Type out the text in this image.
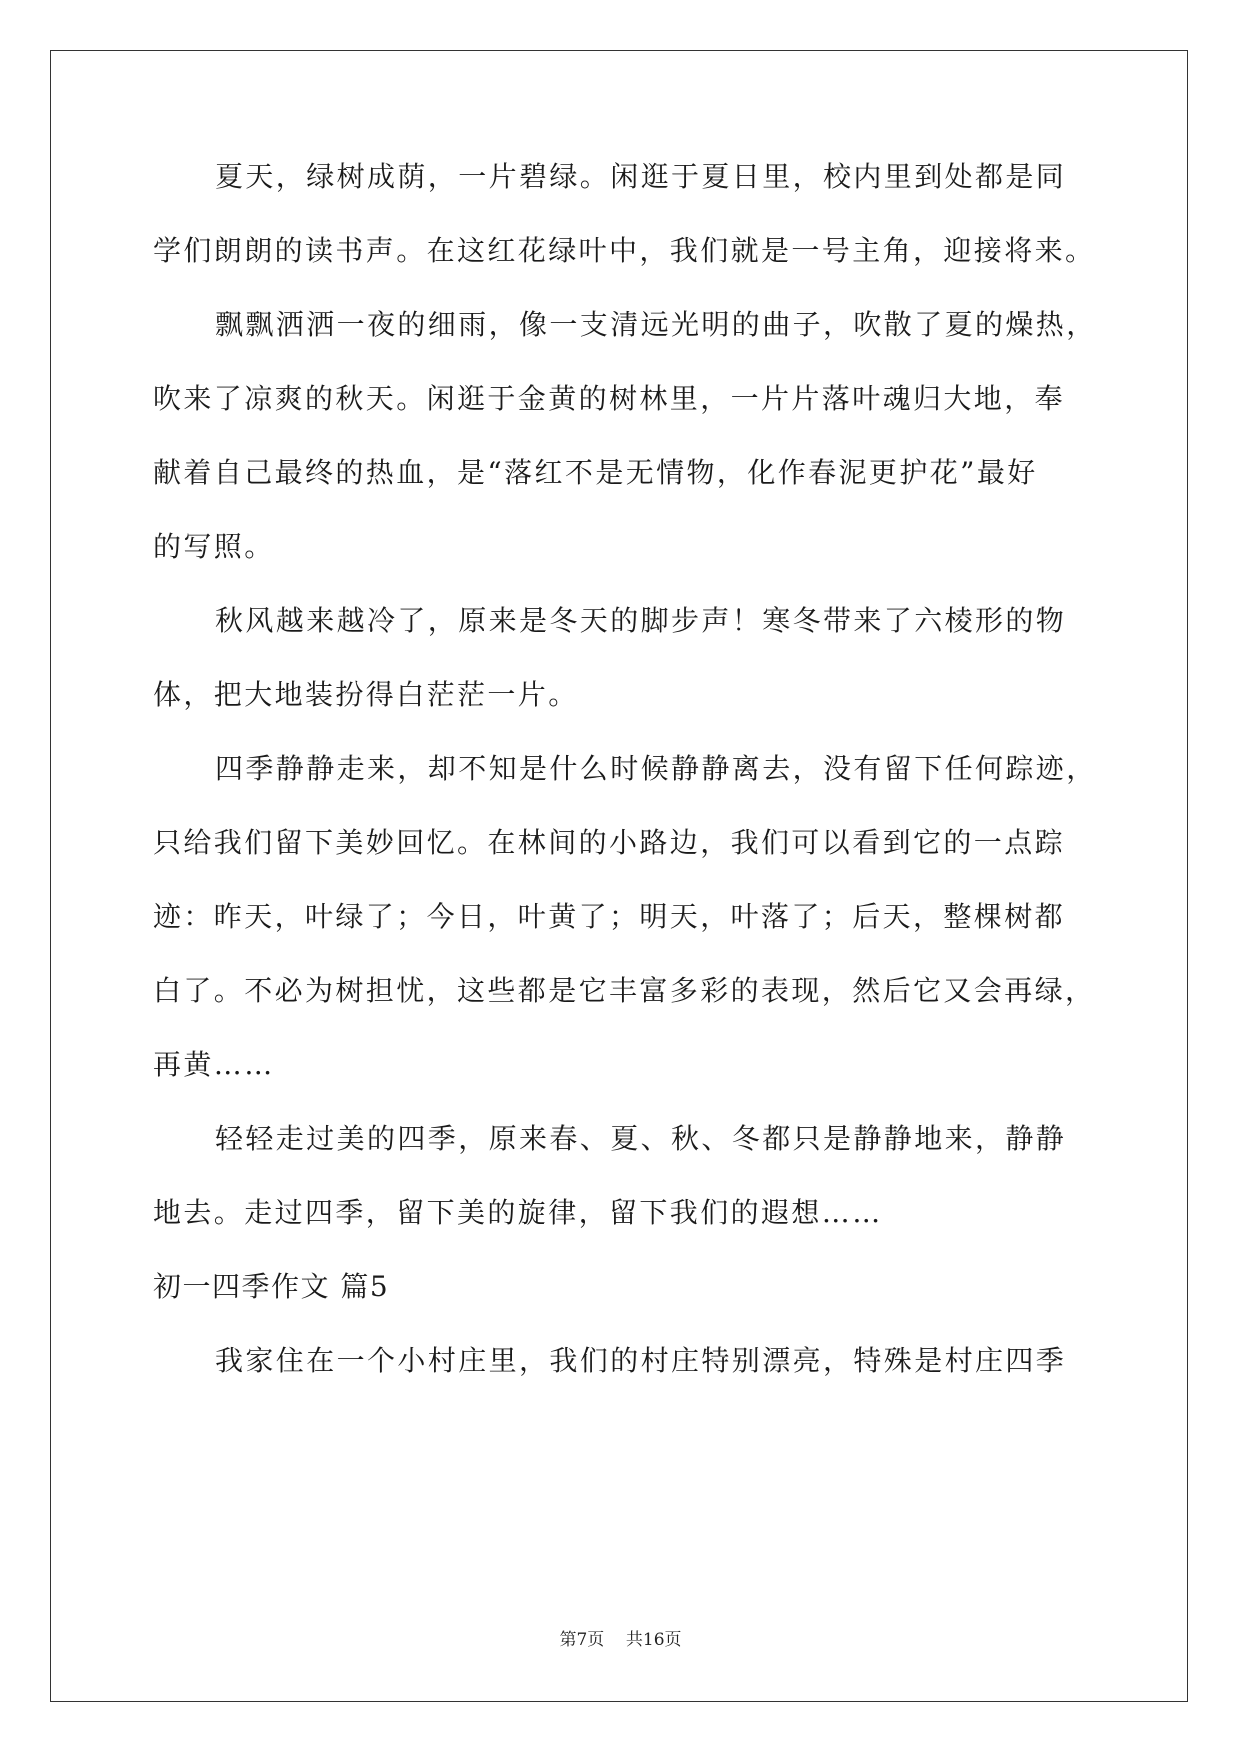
夏天，绿树成荫，一片碧绿。闲逛于夏日里，校内里到处都是同
学们朗朗的读书声。在这红花绿叶中，我们就是一号主角，迎接将来。
飘飘洒洒一夜的细雨，像一支清远光明的曲子，吹散了夏的燥热，
吹来了凉爽的秋天。闲逛于金黄的树林里，一片片落叶魂归大地，奉
献着自己最终的热血，是“落红不是无情物，化作春泥更护花”最好
的写照。
秋风越来越冷了，原来是冬天的脚步声！寒冬带来了六棱形的物
体，把大地装扮得白茫茫一片。
四季静静走来，却不知是什么时候静静离去，没有留下任何踪迹，
只给我们留下美妙回忆。在林间的小路边，我们可以看到它的一点踪
迹：昨天，叶绿了；今日，叶黄了；明天，叶落了；后天，整棵树都
白了。不必为树担忧，这些都是它丰富多彩的表现，然后它又会再绿，
再黄……
轻轻走过美的四季，原来春、夏、秋、冬都只是静静地来，静静
地去。走过四季，留下美的旋律，留下我们的遐想……
初一四季作文 篇5
我家住在一个小村庄里，我们的村庄特别漂亮，特殊是村庄四季
第7页 共16页
